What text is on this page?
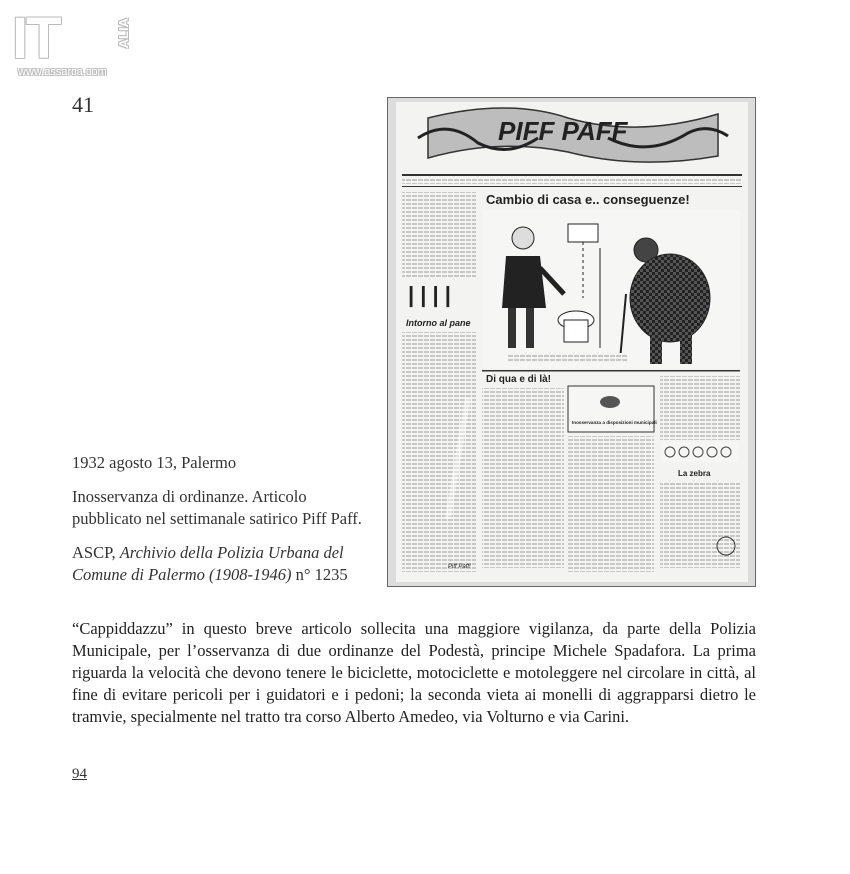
IT
www.assarca.com
ALIA
41
PIFF PAFF
| | | |
Intorno al pane
Cambio di casa e.. conseguenze!
Di qua e di là!
Inosservanza a disposizioni municipali
La zebra
Piff Paff!

1932 agosto 13, Palermo

Inosservanza di ordinanze. Articolo pubblicato nel settimanale satirico Piff Paff.

ASCP, Archivio della Polizia Urbana del Comune di Palermo (1908-1946) n° 1235

“Cappiddazzu” in questo breve articolo sollecita una maggiore vigilanza, da parte della Polizia Municipale, per l’osservanza di due ordinanze del Podestà, principe Michele Spadafora. La prima riguarda la velocità che devono tenere le biciclette, motociclette e motoleggere nel circolare in città, al fine di evitare pericoli per i guidatori e i pedoni; la seconda vieta ai monelli di aggrapparsi dietro le tramvie, specialmente nel tratto tra corso Alberto Amedeo, via Volturno e via Carini.

94
